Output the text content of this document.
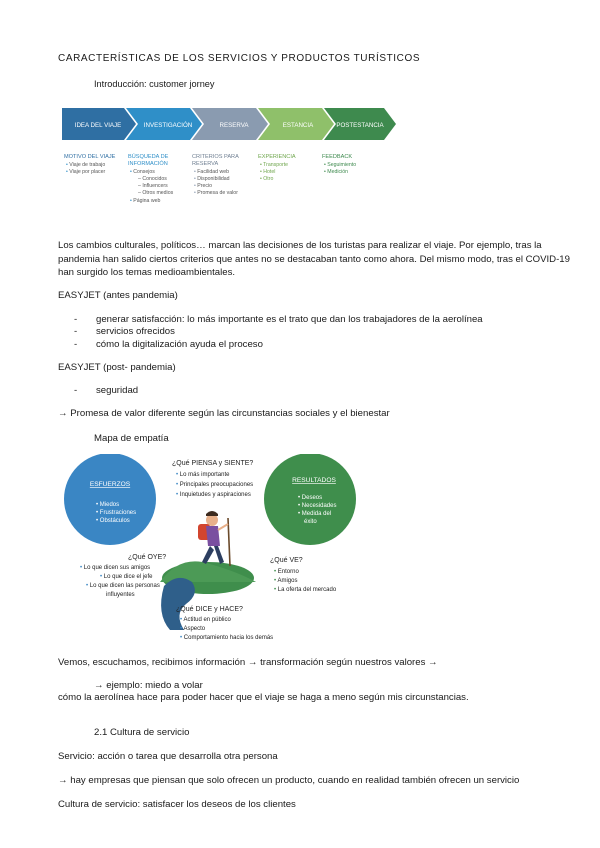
CARACTERÍSTICAS DE LOS SERVICIOS Y PRODUCTOS TURÍSTICOS
Introducción: customer jorney
IDEA DEL VIAJE	INVESTIGACIÓN	RESERVA	ESTANCIA	POSTESTANCIA
MOTIVO DEL VIAJE
• Viaje de trabajo
• Viaje por placer
BÚSQUEDA DE
INFORMACIÓN
• Consejos
– Conocidos
– Influencers
– Otros medios
• Página web
CRITERIOS PARA
RESERVA
• Facilidad web
• Disponibilidad
• Precio
• Promesa de valor
EXPERIENCIA
• Transporte
• Hotel
• Otro
FEEDBACK
• Seguimiento
• Medición
Los cambios culturales, políticos… marcan las decisiones de los turistas para realizar el viaje. Por ejemplo, tras la
pandemia han salido ciertos criterios que antes no se destacaban tanto como ahora. Del mismo modo, tras el COVID-19
han surgido los temas medioambientales.
EASYJET (antes pandemia)
- generar satisfacción: lo más importante es el trato que dan los trabajadores de la aerolínea
- servicios ofrecidos
- cómo la digitalización ayuda el proceso
EASYJET (post- pandemia)
- seguridad
→ Promesa de valor diferente según las circunstancias sociales y el bienestar
Mapa de empatía
ESFUERZOS
• Miedos
• Frustraciones
• Obstáculos
RESULTADOS
• Deseos
• Necesidades
• Medida del
éxito
¿Qué PIENSA y SIENTE?
• Lo más importante
• Principales preocupaciones
• Inquietudes y aspiraciones
¿Qué OYE?
• Lo que dicen sus amigos
• Lo que dice el jefe
• Lo que dicen las personas
influyentes
¿Qué VE?
• Entorno
• Amigos
• La oferta del mercado
¿Qué DICE y HACE?
• Actitud en público
• Aspecto
• Comportamiento hacia los demás
Vemos, escuchamos, recibimos información → transformación según nuestros valores →
→ ejemplo: miedo a volar
cómo la aerolínea hace para poder hacer que el viaje se haga a meno según mis circunstancias.
2.1 Cultura de servicio
Servicio: acción o tarea que desarrolla otra persona
→ hay empresas que piensan que solo ofrecen un producto, cuando en realidad también ofrecen un servicio
Cultura de servicio: satisfacer los deseos de los clientes
